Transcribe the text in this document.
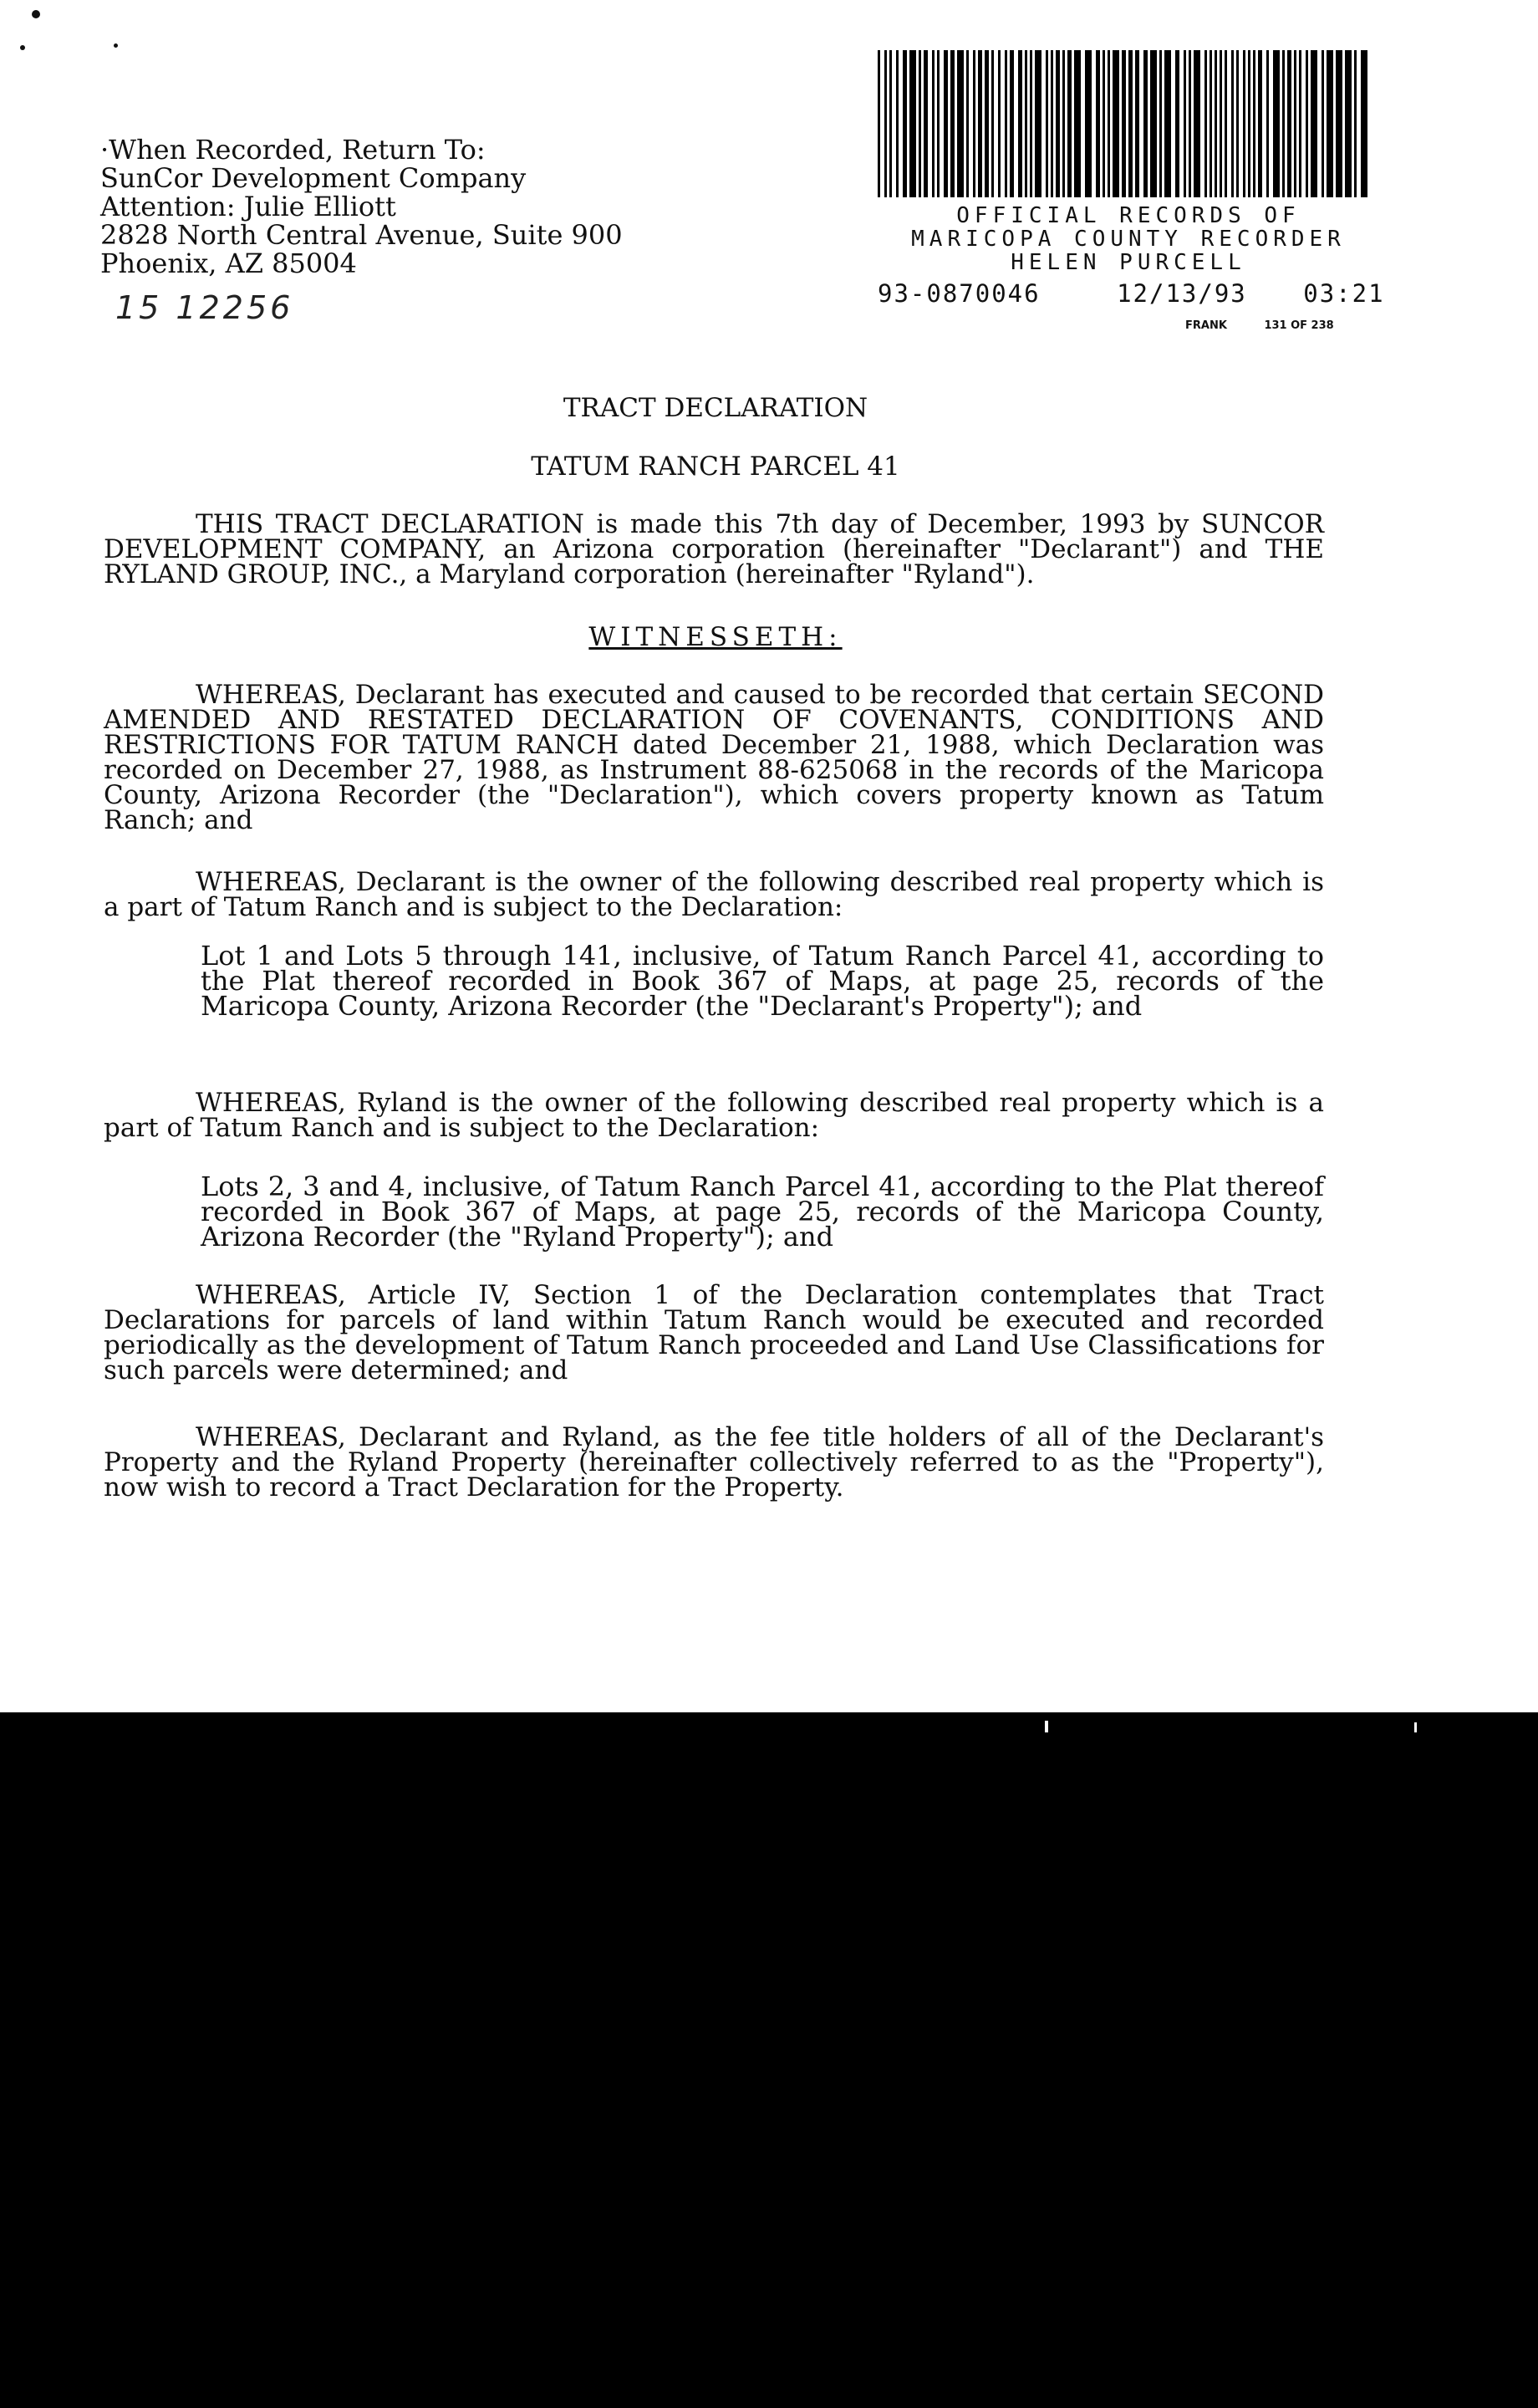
·When Recorded, Return To:
SunCor Development Company
Attention: Julie Elliott
2828 North Central Avenue, Suite 900
Phoenix, AZ 85004
15 12256
OFFICIAL RECORDS OF
MARICOPA COUNTY RECORDER
HELEN PURCELL
93-0870046	12/13/93 03:21
FRANK	131 OF 238
TRACT DECLARATION
TATUM RANCH PARCEL 41
THIS TRACT DECLARATION is made this 7th day of December, 1993 by SUNCOR DEVELOPMENT COMPANY, an Arizona corporation (hereinafter "Declarant") and THE RYLAND GROUP, INC., a Maryland corporation (hereinafter "Ryland").
WITNESSETH:
WHEREAS, Declarant has executed and caused to be recorded that certain SECOND AMENDED AND RESTATED DECLARATION OF COVENANTS, CONDITIONS AND RESTRICTIONS FOR TATUM RANCH dated December 21, 1988, which Declaration was recorded on December 27, 1988, as Instrument 88-625068 in the records of the Maricopa County, Arizona Recorder (the "Declaration"), which covers property known as Tatum Ranch; and
WHEREAS, Declarant is the owner of the following described real property which is a part of Tatum Ranch and is subject to the Declaration:
Lot 1 and Lots 5 through 141, inclusive, of Tatum Ranch Parcel 41, according to the Plat thereof recorded in Book 367 of Maps, at page 25, records of the Maricopa County, Arizona Recorder (the "Declarant's Property"); and
WHEREAS, Ryland is the owner of the following described real property which is a part of Tatum Ranch and is subject to the Declaration:
Lots 2, 3 and 4, inclusive, of Tatum Ranch Parcel 41, according to the Plat thereof recorded in Book 367 of Maps, at page 25, records of the Maricopa County, Arizona Recorder (the "Ryland Property"); and
WHEREAS, Article IV, Section 1 of the Declaration contemplates that Tract Declarations for parcels of land within Tatum Ranch would be executed and recorded periodically as the development of Tatum Ranch proceeded and Land Use Classifications for such parcels were determined; and
WHEREAS, Declarant and Ryland, as the fee title holders of all of the Declarant's Property and the Ryland Property (hereinafter collectively referred to as the "Property"), now wish to record a Tract Declaration for the Property.
